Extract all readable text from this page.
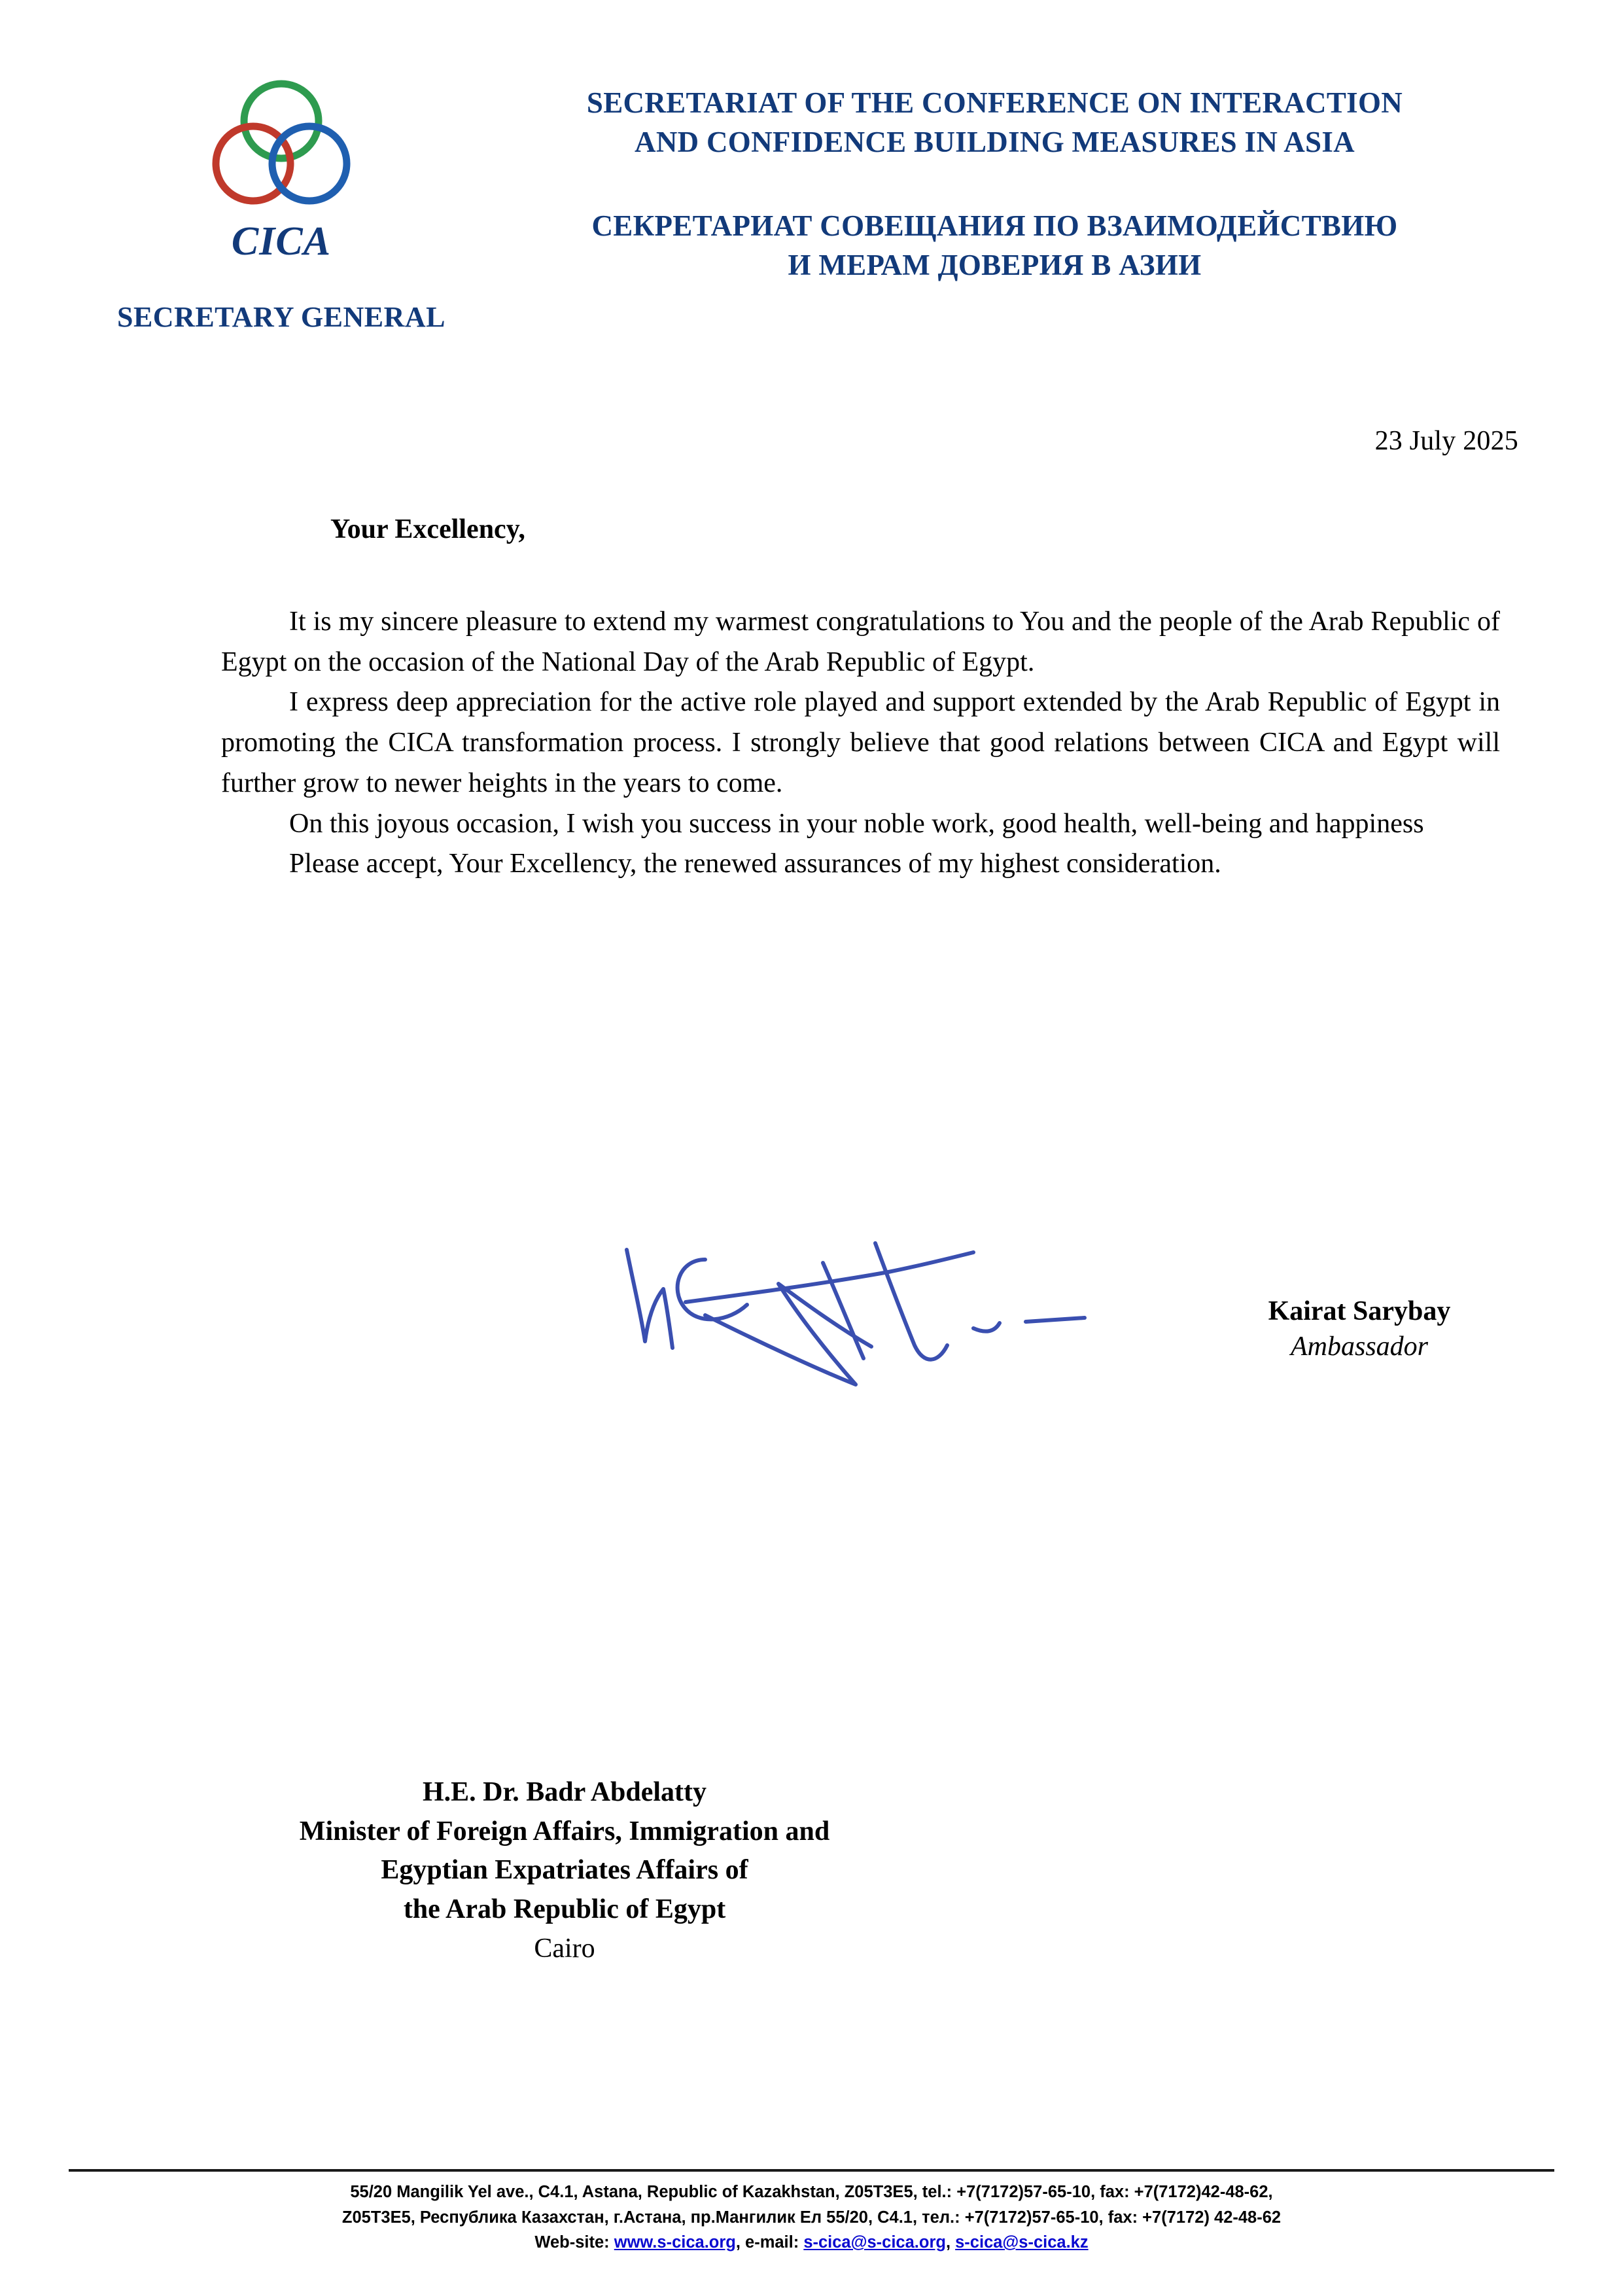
CICA
SECRETARY GENERAL
SECRETARIAT OF THE CONFERENCE ON INTERACTION
AND CONFIDENCE BUILDING MEASURES IN ASIA
СЕКРЕТАРИАТ СОВЕЩАНИЯ ПО ВЗАИМОДЕЙСТВИЮ
И МЕРАМ ДОВЕРИЯ В АЗИИ
23 July 2025
Your Excellency,

It is my sincere pleasure to extend my warmest congratulations to You and the people of the Arab Republic of Egypt on the occasion of the National Day of the Arab Republic of Egypt.

I express deep appreciation for the active role played and support extended by the Arab Republic of Egypt in promoting the CICA transformation process. I strongly believe that good relations between CICA and Egypt will further grow to newer heights in the years to come.

On this joyous occasion, I wish you success in your noble work, good health, well-being and happiness

Please accept, Your Excellency, the renewed assurances of my highest consideration.

Kairat Sarybay
Ambassador
H.E. Dr. Badr Abdelatty
Minister of Foreign Affairs, Immigration and
Egyptian Expatriates Affairs of
the Arab Republic of Egypt
Cairo
55/20 Mangilik Yel ave., C4.1, Astana, Republic of Kazakhstan, Z05T3E5, tel.: +7(7172)57-65-10, fax: +7(7172)42-48-62,
Z05T3E5, Республика Казахстан, г.Астана, пр.Мангилик Ел 55/20, С4.1, тел.: +7(7172)57-65-10, fax: +7(7172) 42-48-62
Web-site: www.s-cica.org, e-mail: s-cica@s-cica.org, s-cica@s-cica.kz
